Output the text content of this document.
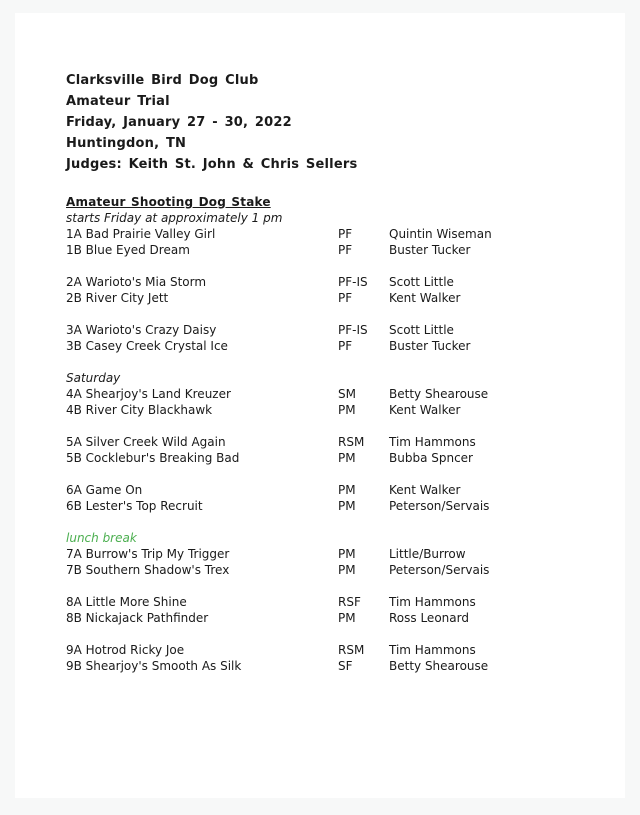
Clarksville Bird Dog Club
Amateur Trial
Friday, January 27 - 30, 2022
Huntingdon, TN
Judges: Keith St. John & Chris Sellers
Amateur Shooting Dog Stake
starts Friday at approximately 1 pm
1A Bad Prairie Valley Girl	PF	Quintin Wiseman
1B Blue Eyed Dream	PF	Buster Tucker
2A Warioto's Mia Storm	PF-IS	Scott Little
2B River City Jett	PF	Kent Walker
3A Warioto's Crazy Daisy	PF-IS	Scott Little
3B Casey Creek Crystal Ice	PF	Buster Tucker
Saturday
4A Shearjoy's Land Kreuzer	SM	Betty Shearouse
4B River City Blackhawk	PM	Kent Walker
5A Silver Creek Wild Again	RSM	Tim Hammons
5B Cocklebur's Breaking Bad	PM	Bubba Spncer
6A Game On	PM	Kent Walker
6B Lester's Top Recruit	PM	Peterson/Servais
lunch break
7A Burrow's Trip My Trigger	PM	Little/Burrow
7B Southern Shadow's Trex	PM	Peterson/Servais
8A Little More Shine	RSF	Tim Hammons
8B Nickajack Pathfinder	PM	Ross Leonard
9A Hotrod Ricky Joe	RSM	Tim Hammons
9B Shearjoy's Smooth As Silk	SF	Betty Shearouse
